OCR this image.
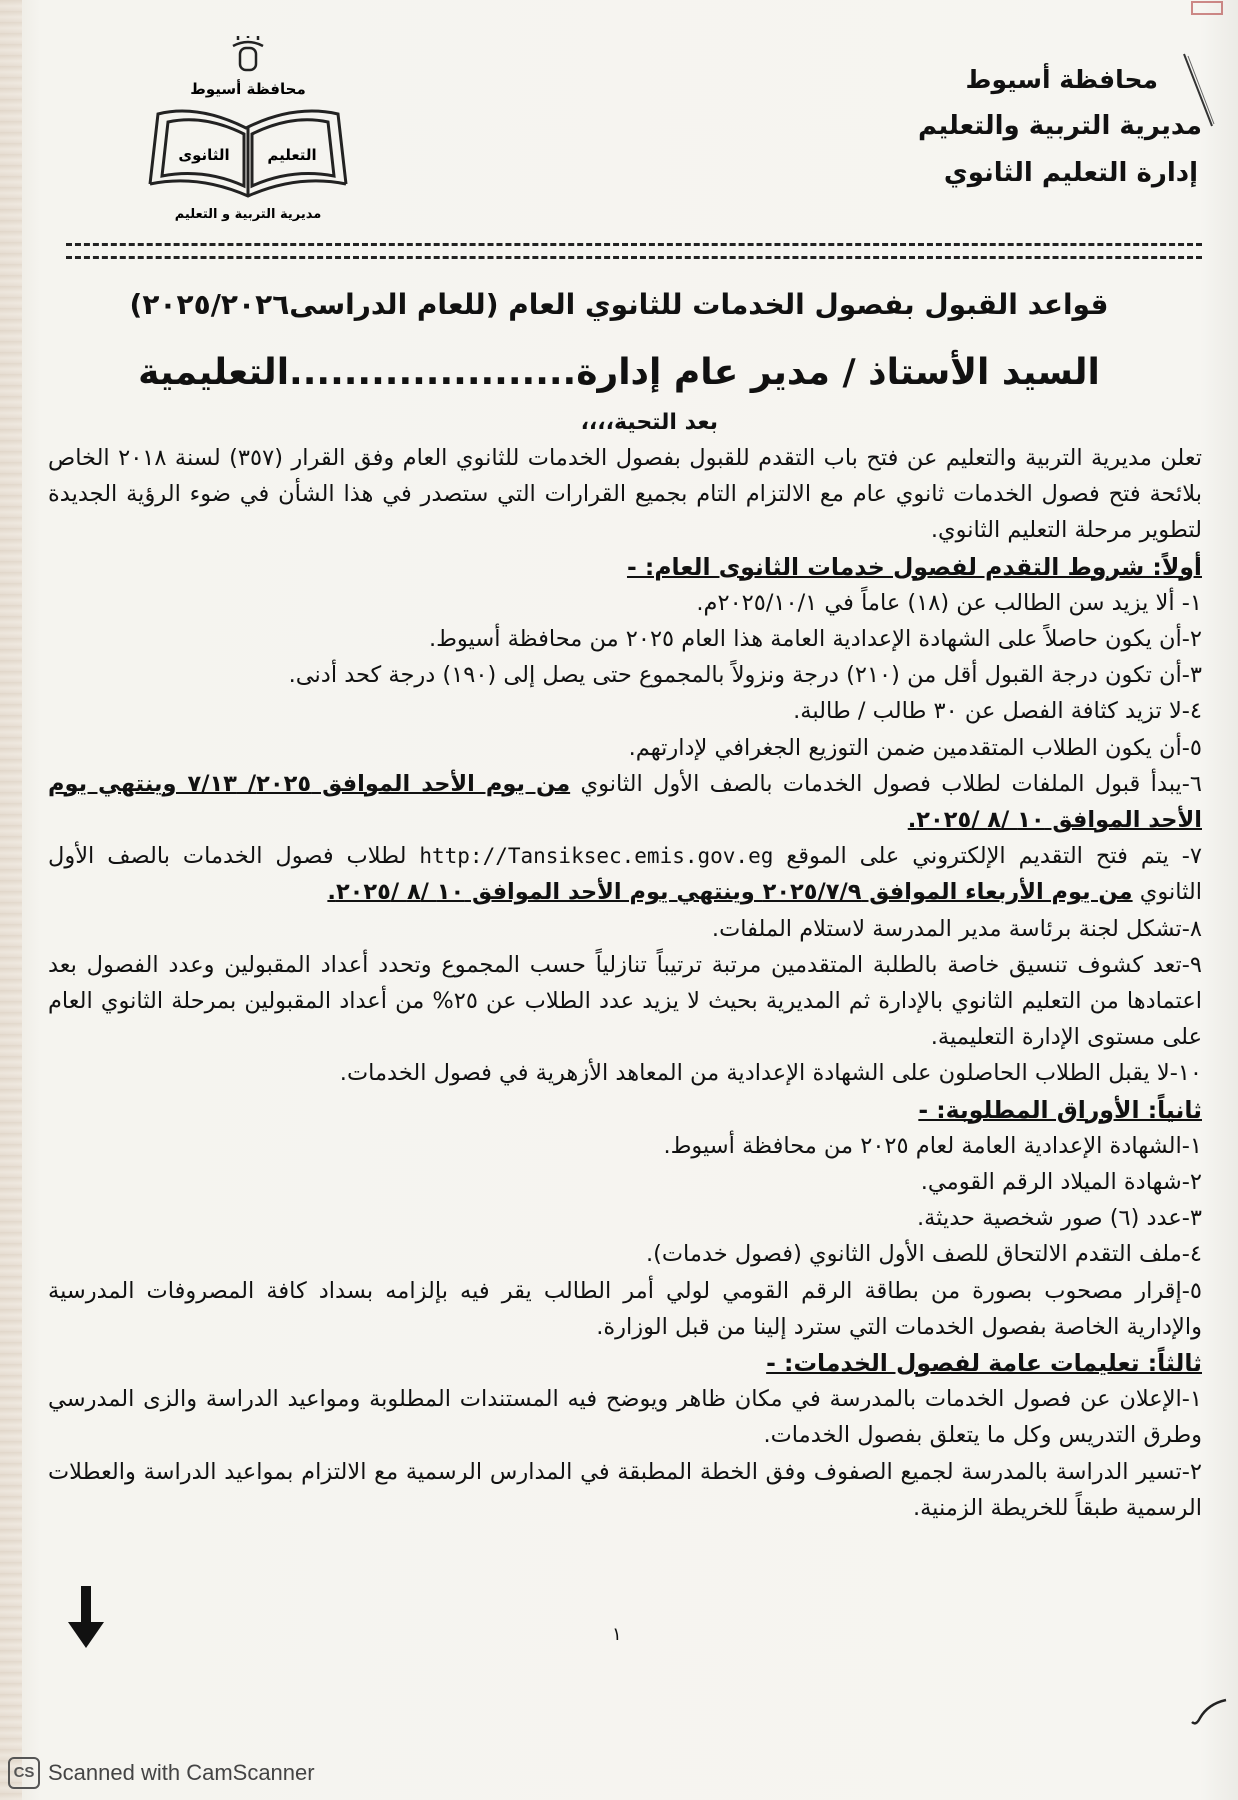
محافظة أسيوط
مديرية التربية والتعليم
إدارة التعليم الثانوي
محافظة أسيوط
الثانوى	التعليم
مديرية التربية و التعليم
قواعد القبول بفصول الخدمات للثانوي العام (للعام الدراسى٢٠٢٥/٢٠٢٦)
السيد الأستاذ / مدير عام إدارة.....................التعليمية
بعد التحية،،،،

تعلن مديرية التربية والتعليم عن فتح باب التقدم للقبول بفصول الخدمات للثانوي العام وفق القرار (٣٥٧) لسنة ٢٠١٨ الخاص بلائحة فتح فصول الخدمات ثانوي عام مع الالتزام التام بجميع القرارات التي ستصدر في هذا الشأن في ضوء الرؤية الجديدة لتطوير مرحلة التعليم الثانوي.

أولاً: شروط التقدم لفصول خدمات الثانوى العام: -

١- ألا يزيد سن الطالب عن (١٨) عاماً في ٢٠٢٥/١٠/١م.

٢-أن يكون حاصلاً على الشهادة الإعدادية العامة هذا العام ٢٠٢٥ من محافظة أسيوط.

٣-أن تكون درجة القبول أقل من (٢١٠) درجة ونزولاً بالمجموع حتى يصل إلى (١٩٠) درجة كحد أدنى.

٤-لا تزيد كثافة الفصل عن ٣٠ طالب / طالبة.

٥-أن يكون الطلاب المتقدمين ضمن التوزيع الجغرافي لإدارتهم.

٦-يبدأ قبول الملفات لطلاب فصول الخدمات بالصف الأول الثانوي من يوم الأحد الموافق ٢٠٢٥/ ٧/١٣ وينتهي يوم الأحد الموافق ١٠ /٨ /٢٠٢٥.

٧- يتم فتح التقديم الإلكتروني على الموقع http://Tansiksec.emis.gov.eg لطلاب فصول الخدمات بالصف الأول الثانوي من يوم الأربعاء الموافق ٢٠٢٥/٧/٩ وينتهي يوم الأحد الموافق ١٠ /٨ /٢٠٢٥.

٨-تشكل لجنة برئاسة مدير المدرسة لاستلام الملفات.

٩-تعد كشوف تنسيق خاصة بالطلبة المتقدمين مرتبة ترتيباً تنازلياً حسب المجموع وتحدد أعداد المقبولين وعدد الفصول بعد اعتمادها من التعليم الثانوي بالإدارة ثم المديرية بحيث لا يزيد عدد الطلاب عن ٢٥% من أعداد المقبولين بمرحلة الثانوي العام على مستوى الإدارة التعليمية.

١٠-لا يقبل الطلاب الحاصلون على الشهادة الإعدادية من المعاهد الأزهرية في فصول الخدمات.

ثانياً: الأوراق المطلوبة: -

١-الشهادة الإعدادية العامة لعام ٢٠٢٥ من محافظة أسيوط.

٢-شهادة الميلاد الرقم القومي.

٣-عدد (٦) صور شخصية حديثة.

٤-ملف التقدم الالتحاق للصف الأول الثانوي (فصول خدمات).

٥-إقرار مصحوب بصورة من بطاقة الرقم القومي لولي أمر الطالب يقر فيه بإلزامه بسداد كافة المصروفات المدرسية والإدارية الخاصة بفصول الخدمات التي سترد إلينا من قبل الوزارة.

ثالثاً: تعليمات عامة لفصول الخدمات: -

١-الإعلان عن فصول الخدمات بالمدرسة في مكان ظاهر ويوضح فيه المستندات المطلوبة ومواعيد الدراسة والزى المدرسي وطرق التدريس وكل ما يتعلق بفصول الخدمات.

٢-تسير الدراسة بالمدرسة لجميع الصفوف وفق الخطة المطبقة في المدارس الرسمية مع الالتزام بمواعيد الدراسة والعطلات الرسمية طبقاً للخريطة الزمنية.

١
CS Scanned with CamScanner
